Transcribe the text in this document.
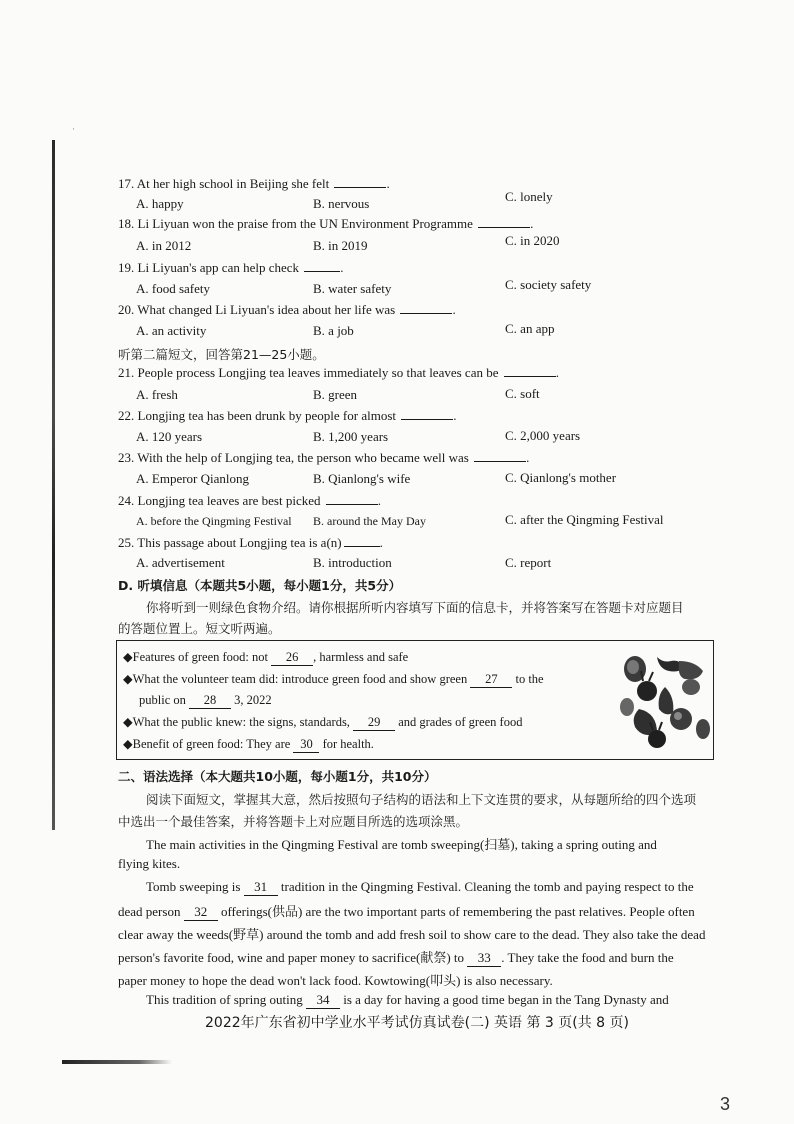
·
17. At her high school in Beijing she felt	.
A. happy	B. nervous	C. lonely
18. Li Liyuan won the praise from the UN Environment Programme	.
A. in 2012	B. in 2019	C. in 2020
19. Li Liyuan's app can help check	.
A. food safety	B. water safety	C. society safety
20. What changed Li Liyuan's idea about her life was	.
A. an activity	B. a job	C. an app
听第二篇短文，回答第21—25小题。
21. People process Longjing tea leaves immediately so that leaves can be	.
A. fresh	B. green	C. soft
22. Longjing tea has been drunk by people for almost	.
A. 120 years	B. 1,200 years	C. 2,000 years
23. With the help of Longjing tea, the person who became well was	.
A. Emperor Qianlong	B. Qianlong's wife	C. Qianlong's mother
24. Longjing tea leaves are best picked	.
A. before the Qingming Festival B. around the May Day	C. after the Qingming Festival
25. This passage about Longjing tea is a(n)	.
A. advertisement	B. introduction	C. report
D. 听填信息（本题共5小题，每小题1分，共5分）
你将听到一则绿色食物介绍。请你根据所听内容填写下面的信息卡，并将答案写在答题卡对应题目
的答题位置上。短文听两遍。
◆Features of green food: not 26 , harmless and safe
◆What the volunteer team did: introduce green food and show green 27 to the
public on 28 3, 2022
◆What the public knew: the signs, standards, 29 and grades of green food
◆Benefit of green food: They are 30 for health.
二、语法选择（本大题共10小题，每小题1分，共10分）
阅读下面短文，掌握其大意，然后按照句子结构的语法和上下文连贯的要求，从每题所给的四个选项
中选出一个最佳答案，并将答题卡上对应题目所选的选项涂黑。
The main activities in the Qingming Festival are tomb sweeping(扫墓), taking a spring outing and
flying kites.
Tomb sweeping is 31 tradition in the Qingming Festival. Cleaning the tomb and paying respect to the
dead person 32 offerings(供品) are the two important parts of remembering the past relatives. People often
clear away the weeds(野草) around the tomb and add fresh soil to show care to the dead. They also take the dead
person's favorite food, wine and paper money to sacrifice(献祭) to 33 . They take the food and burn the
paper money to hope the dead won't lack food. Kowtowing(叩头) is also necessary.
This tradition of spring outing 34 is a day for having a good time began in the Tang Dynasty and
2022年广东省初中学业水平考试仿真试卷(二) 英语 第 3 页(共 8 页)
3
